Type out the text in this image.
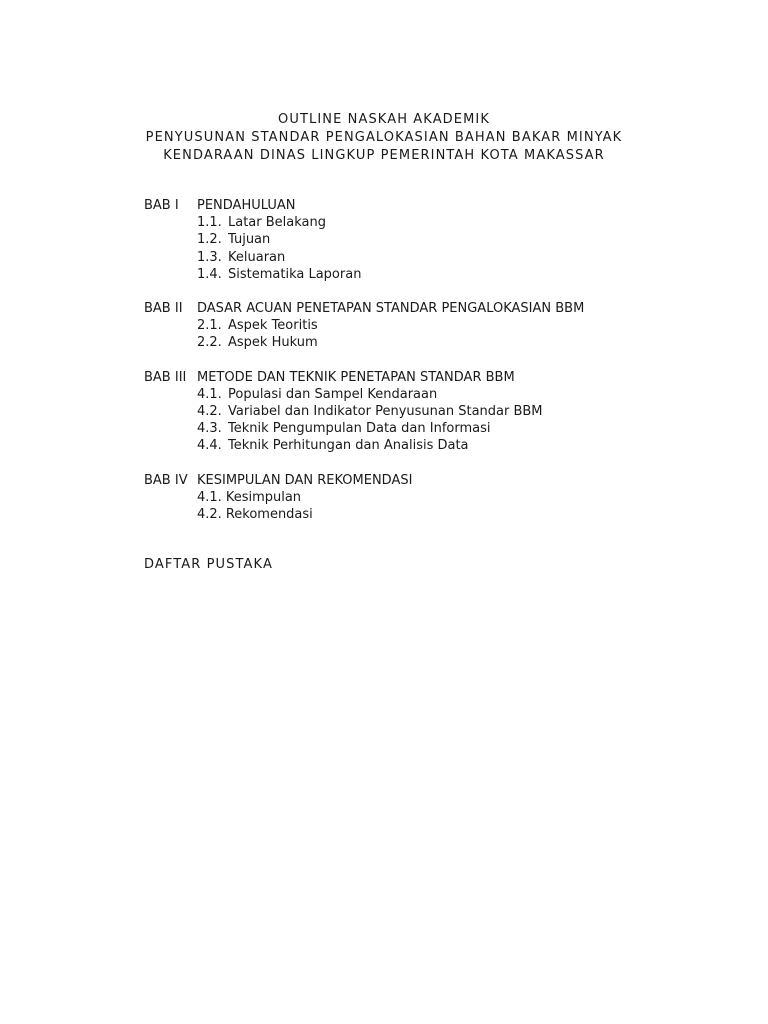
OUTLINE NASKAH AKADEMIK
PENYUSUNAN STANDAR PENGALOKASIAN BAHAN BAKAR MINYAK
KENDARAAN DINAS LINGKUP PEMERINTAH KOTA MAKASSAR
BAB I	PENDAHULUAN
1.1. Latar Belakang
1.2. Tujuan
1.3. Keluaran
1.4. Sistematika Laporan
BAB II	DASAR ACUAN PENETAPAN STANDAR PENGALOKASIAN BBM
2.1. Aspek Teoritis
2.2. Aspek Hukum
BAB III METODE DAN TEKNIK PENETAPAN STANDAR BBM
4.1. Populasi dan Sampel Kendaraan
4.2. Variabel dan Indikator Penyusunan Standar BBM
4.3. Teknik Pengumpulan Data dan Informasi
4.4. Teknik Perhitungan dan Analisis Data
BAB IV KESIMPULAN DAN REKOMENDASI
4.1. Kesimpulan
4.2. Rekomendasi
DAFTAR PUSTAKA
